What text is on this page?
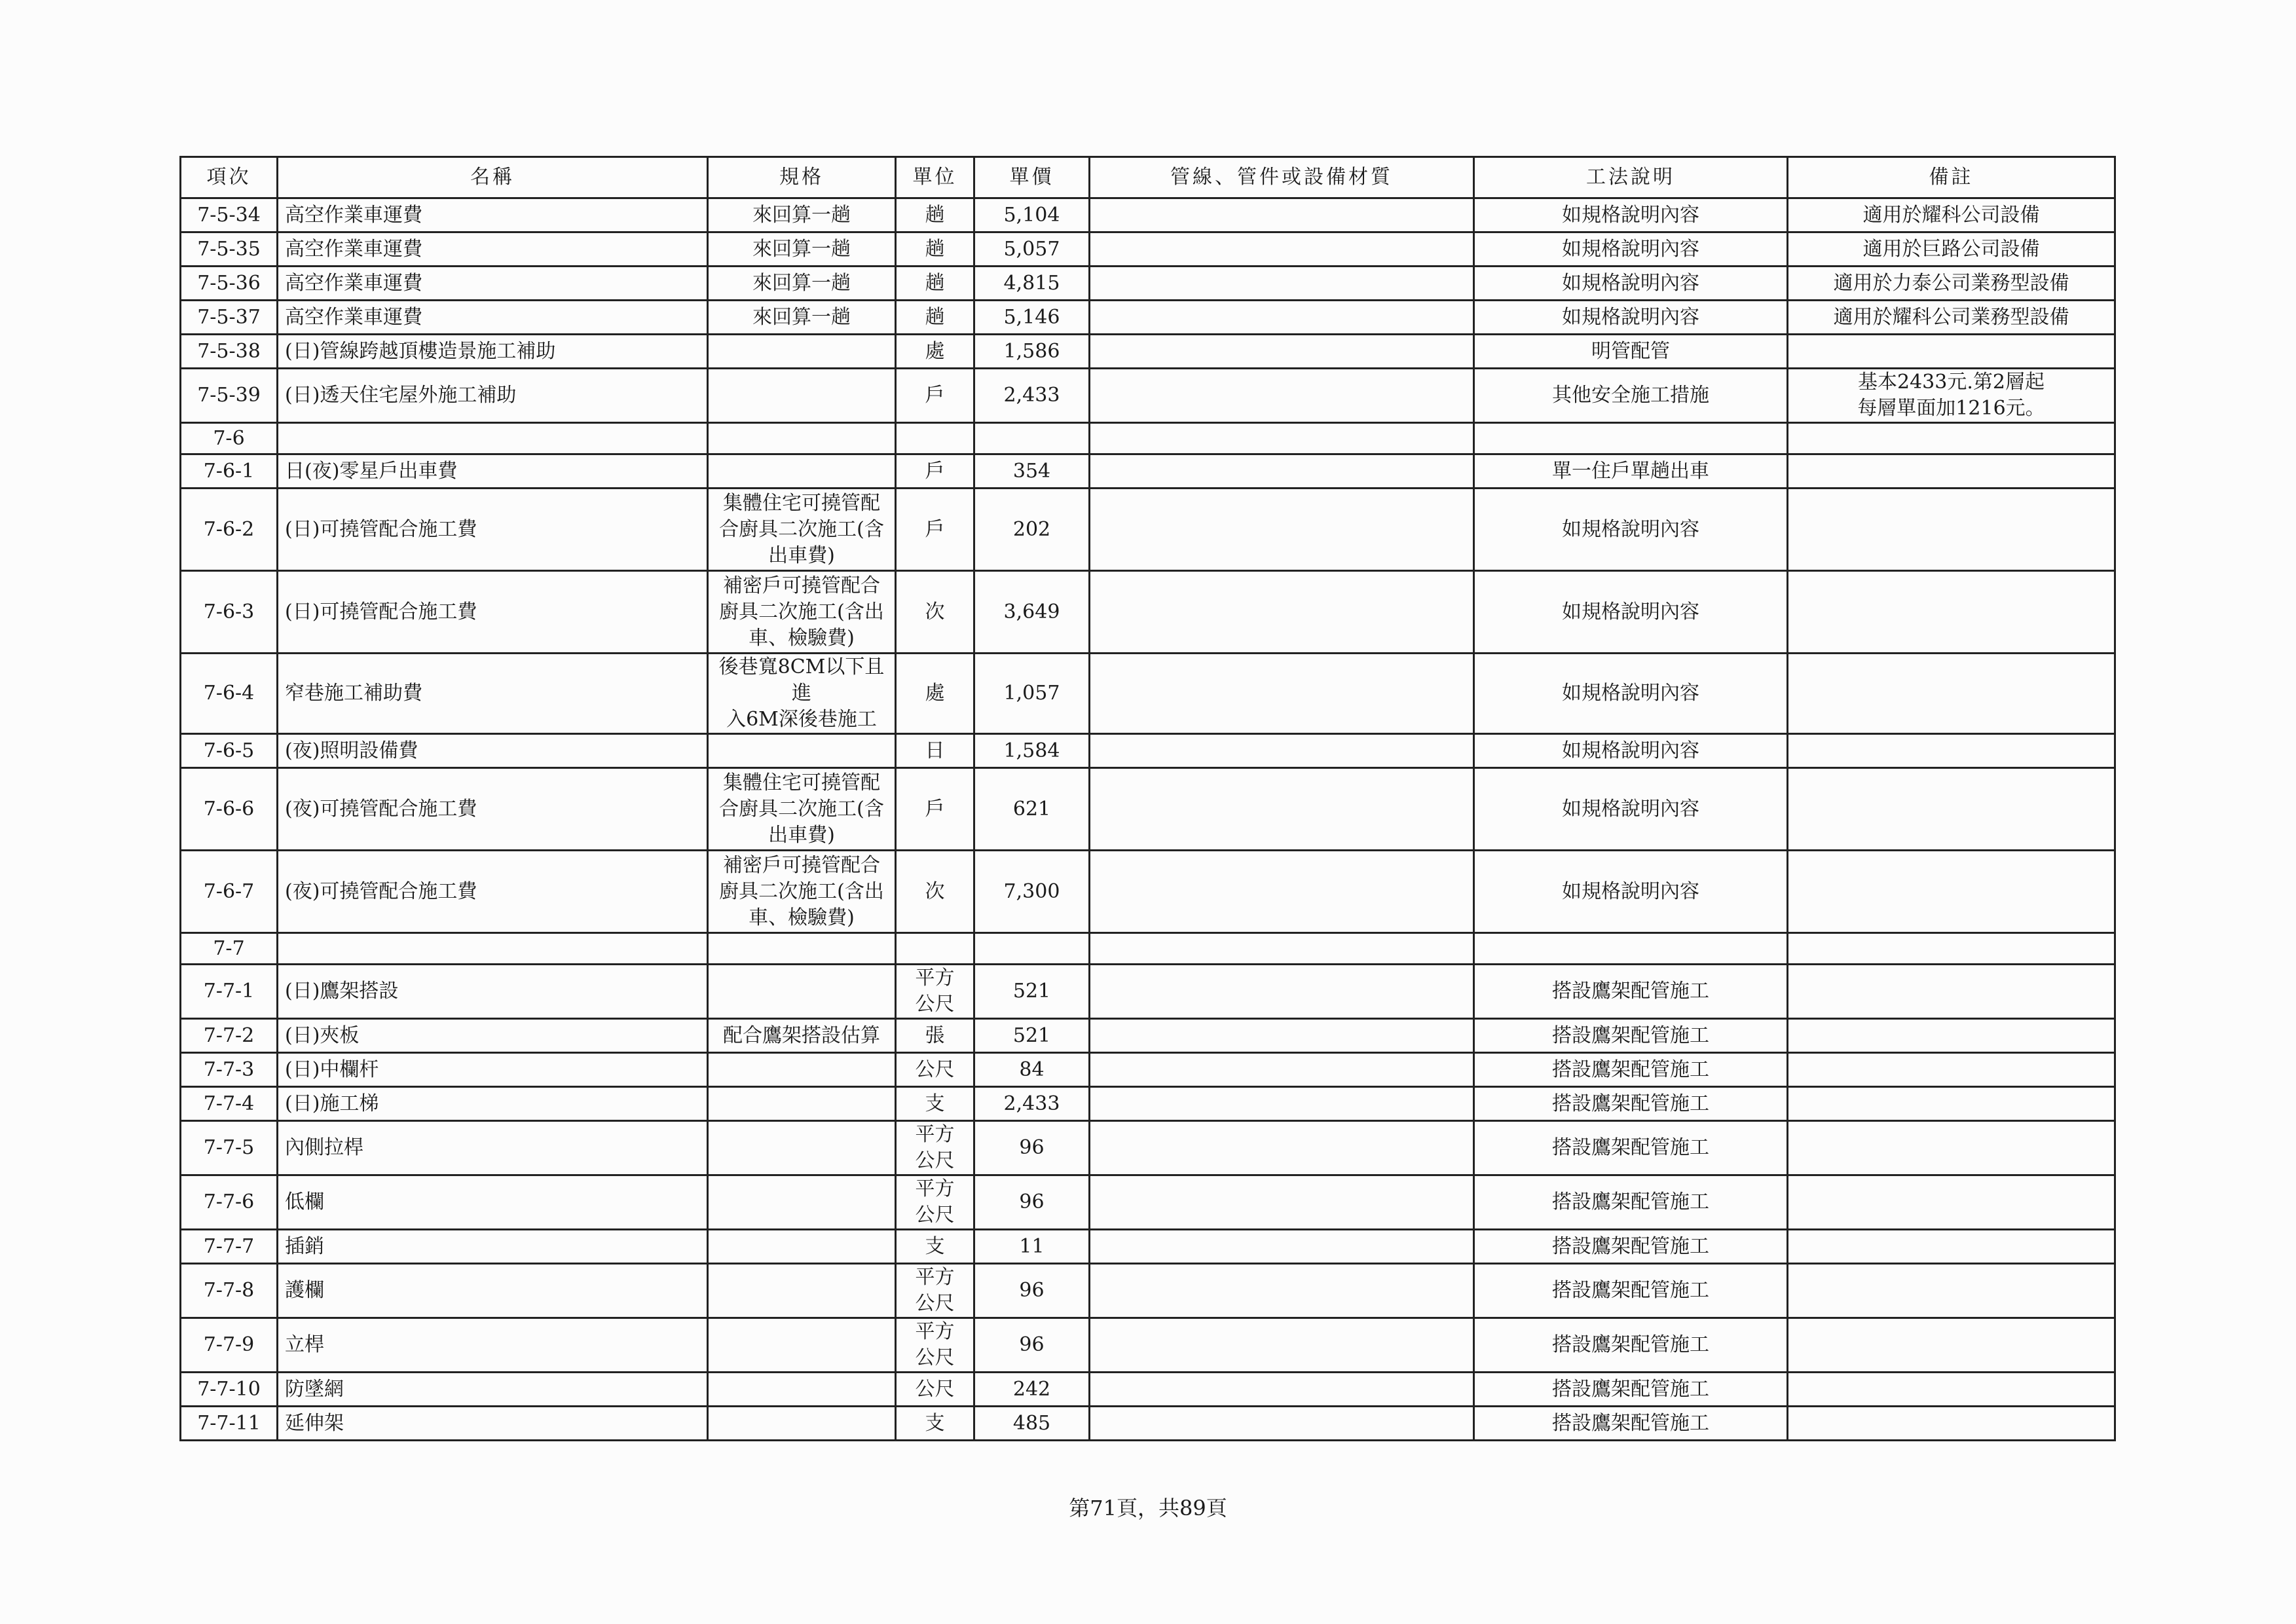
項次	名稱	規格	單位	單價	管線、管件或設備材質	工法說明	備註
7-5-34	高空作業車運費	來回算一趟	趟	5,104		如規格說明內容	適用於耀科公司設備
7-5-35	高空作業車運費	來回算一趟	趟	5,057		如規格說明內容	適用於巨路公司設備
7-5-36	高空作業車運費	來回算一趟	趟	4,815		如規格說明內容	適用於力泰公司業務型設備
7-5-37	高空作業車運費	來回算一趟	趟	5,146		如規格說明內容	適用於耀科公司業務型設備
7-5-38	(日)管線跨越頂樓造景施工補助		處	1,586		明管配管	
7-5-39	(日)透天住宅屋外施工補助		戶	2,433		其他安全施工措施	基本2433元.第2層起
每層單面加1216元。
7-6							
7-6-1	日(夜)零星戶出車費		戶	354		單一住戶單趟出車	
7-6-2	(日)可撓管配合施工費	集體住宅可撓管配
合廚具二次施工(含
出車費)	戶	202		如規格說明內容	
7-6-3	(日)可撓管配合施工費	補密戶可撓管配合
廚具二次施工(含出
車、檢驗費)	次	3,649		如規格說明內容	
7-6-4	窄巷施工補助費	後巷寬8CM以下且進
入6M深後巷施工	處	1,057		如規格說明內容	
7-6-5	(夜)照明設備費		日	1,584		如規格說明內容	
7-6-6	(夜)可撓管配合施工費	集體住宅可撓管配
合廚具二次施工(含
出車費)	戶	621		如規格說明內容	
7-6-7	(夜)可撓管配合施工費	補密戶可撓管配合
廚具二次施工(含出
車、檢驗費)	次	7,300		如規格說明內容	
7-7							
7-7-1	(日)鷹架搭設		平方
公尺	521		搭設鷹架配管施工	
7-7-2	(日)夾板	配合鷹架搭設估算	張	521		搭設鷹架配管施工	
7-7-3	(日)中欄杆		公尺	84		搭設鷹架配管施工	
7-7-4	(日)施工梯		支	2,433		搭設鷹架配管施工	
7-7-5	內側拉桿		平方
公尺	96		搭設鷹架配管施工	
7-7-6	低欄		平方
公尺	96		搭設鷹架配管施工	
7-7-7	插銷		支	11		搭設鷹架配管施工	
7-7-8	護欄		平方
公尺	96		搭設鷹架配管施工	
7-7-9	立桿		平方
公尺	96		搭設鷹架配管施工	
7-7-10	防墜網		公尺	242		搭設鷹架配管施工	
7-7-11	延伸架		支	485		搭設鷹架配管施工	
第71頁，共89頁
